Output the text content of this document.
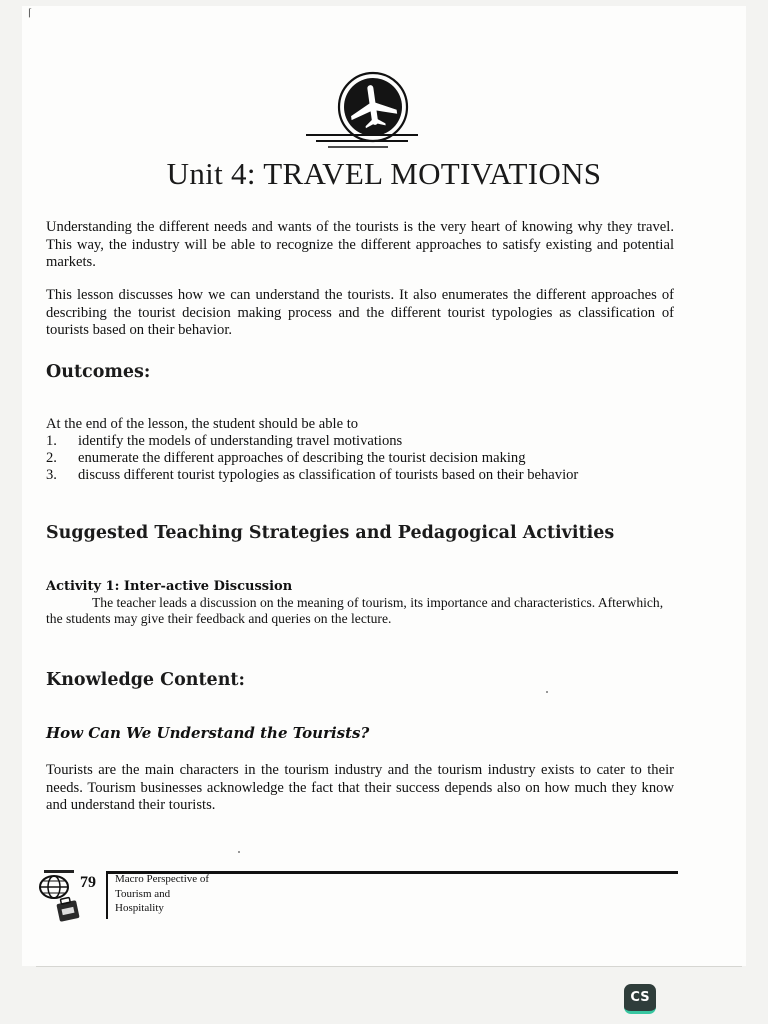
⌈
Unit 4: TRAVEL MOTIVATIONS

Understanding the different needs and wants of the tourists is the very heart of knowing why they travel. This way, the industry will be able to recognize the different approaches to satisfy existing and potential markets.

This lesson discusses how we can understand the tourists. It also enumerates the different approaches of describing the tourist decision making process and the different tourist typologies as classification of tourists based on their behavior.

Outcomes:

At the end of the lesson, the student should be able to

1.	identify the models of understanding travel motivations
2.	enumerate the different approaches of describing the tourist decision making
3.	discuss different tourist typologies as classification of tourists based on their behavior
Suggested Teaching Strategies and Pedagogical Activities

Activity 1: Inter-active Discussion

The teacher leads a discussion on the meaning of tourism, its importance and characteristics. Afterwhich, the students may give their feedback and queries on the lecture.

Knowledge Content:
How Can We Understand the Tourists?

Tourists are the main characters in the tourism industry and the tourism industry exists to cater to their needs. Tourism businesses acknowledge the fact that their success depends also on how much they know and understand their tourists.

79 Macro Perspective of
Tourism and
Hospitality

CS
